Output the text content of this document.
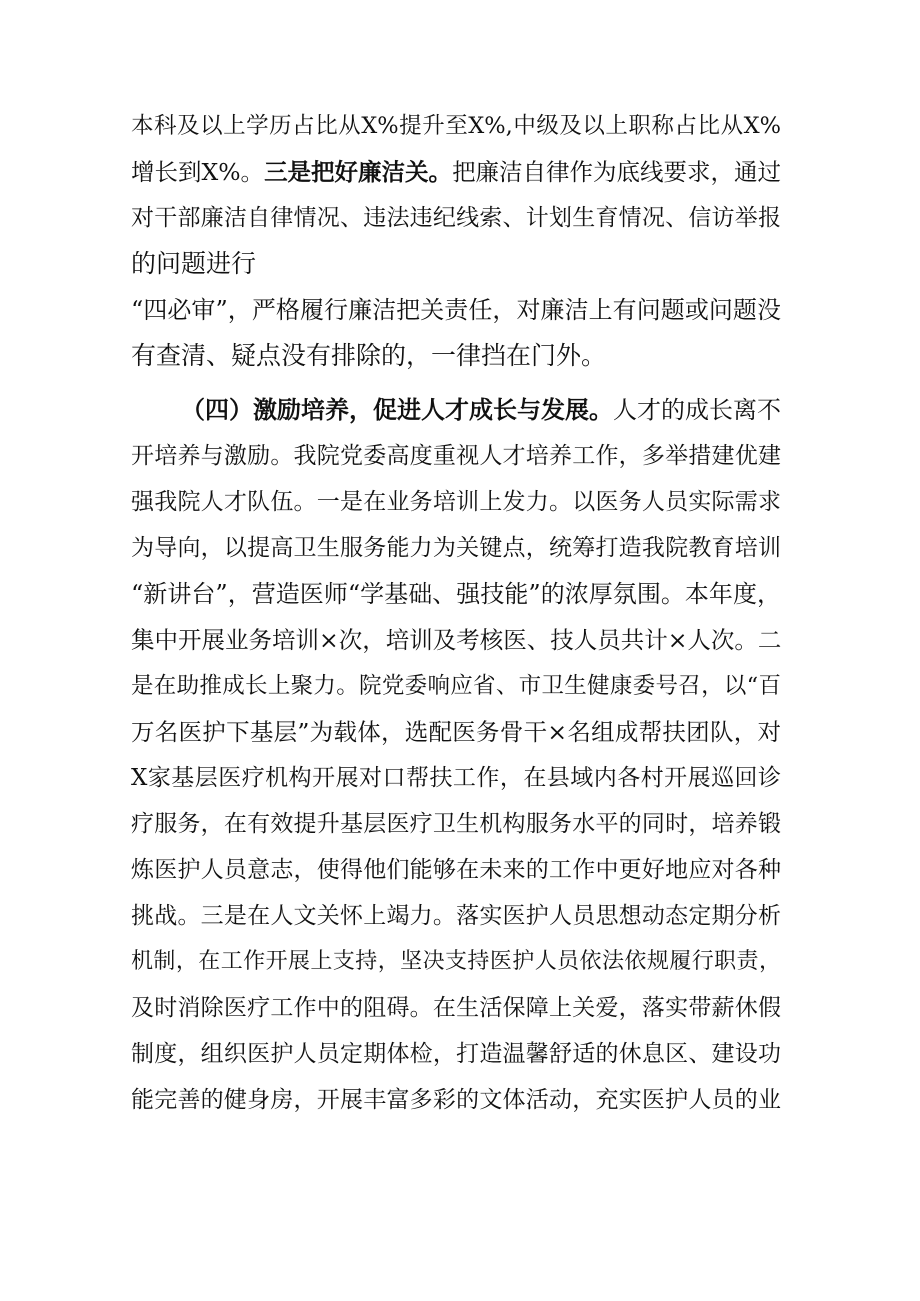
本科及以上学历占比从X%提升至X%,中级及以上职称占比从X%
增长到X%。三是把好廉洁关。把廉洁自律作为底线要求，通过
对干部廉洁自律情况、违法违纪线索、计划生育情况、信访举报
的问题进行
“四必审”，严格履行廉洁把关责任，对廉洁上有问题或问题没
有查清、疑点没有排除的，一律挡在门外。
（四）激励培养，促进人才成长与发展。人才的成长离不
开培养与激励。我院党委高度重视人才培养工作，多举措建优建
强我院人才队伍。一是在业务培训上发力。以医务人员实际需求
为导向，以提高卫生服务能力为关键点，统筹打造我院教育培训
“新讲台”，营造医师“学基础、强技能”的浓厚氛围。本年度，
集中开展业务培训×次，培训及考核医、技人员共计×人次。二
是在助推成长上聚力。院党委响应省、市卫生健康委号召，以“百
万名医护下基层”为载体，选配医务骨干×名组成帮扶团队，对
X家基层医疗机构开展对口帮扶工作，在县域内各村开展巡回诊
疗服务，在有效提升基层医疗卫生机构服务水平的同时，培养锻
炼医护人员意志，使得他们能够在未来的工作中更好地应对各种
挑战。三是在人文关怀上竭力。落实医护人员思想动态定期分析
机制，在工作开展上支持，坚决支持医护人员依法依规履行职责，
及时消除医疗工作中的阻碍。在生活保障上关爱，落实带薪休假
制度，组织医护人员定期体检，打造温馨舒适的休息区、建设功
能完善的健身房，开展丰富多彩的文体活动，充实医护人员的业
